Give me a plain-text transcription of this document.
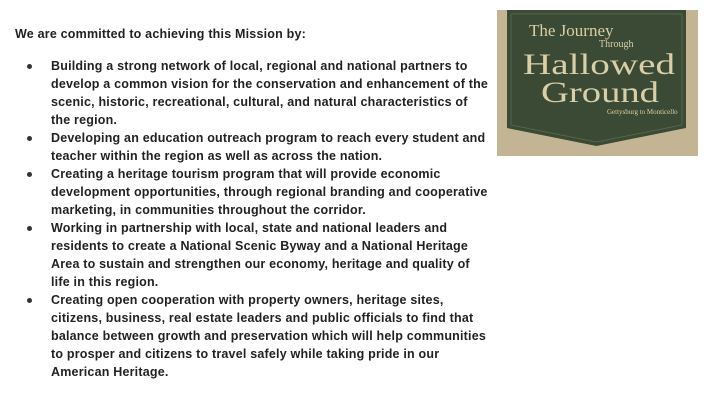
We are committed to achieving this Mission by:
Building a strong network of local, regional and national partners to develop a common vision for the conservation and enhancement of the scenic, historic, recreational, cultural, and natural characteristics of the region.
Developing an education outreach program to reach every student and teacher within the region as well as across the nation.
Creating a heritage tourism program that will provide economic development opportunities, through regional branding and cooperative marketing, in communities throughout the corridor.
Working in partnership with local, state and national leaders and residents to create a National Scenic Byway and a National Heritage Area to sustain and strengthen our economy, heritage and quality of life in this region.
Creating open cooperation with property owners, heritage sites, citizens, business, real estate leaders and public officials to find that balance between growth and preservation which will help communities to prosper and citizens to travel safely while taking pride in our American Heritage.
The Journey
Through
Hallowed
Ground
Gettysburg to Monticello
